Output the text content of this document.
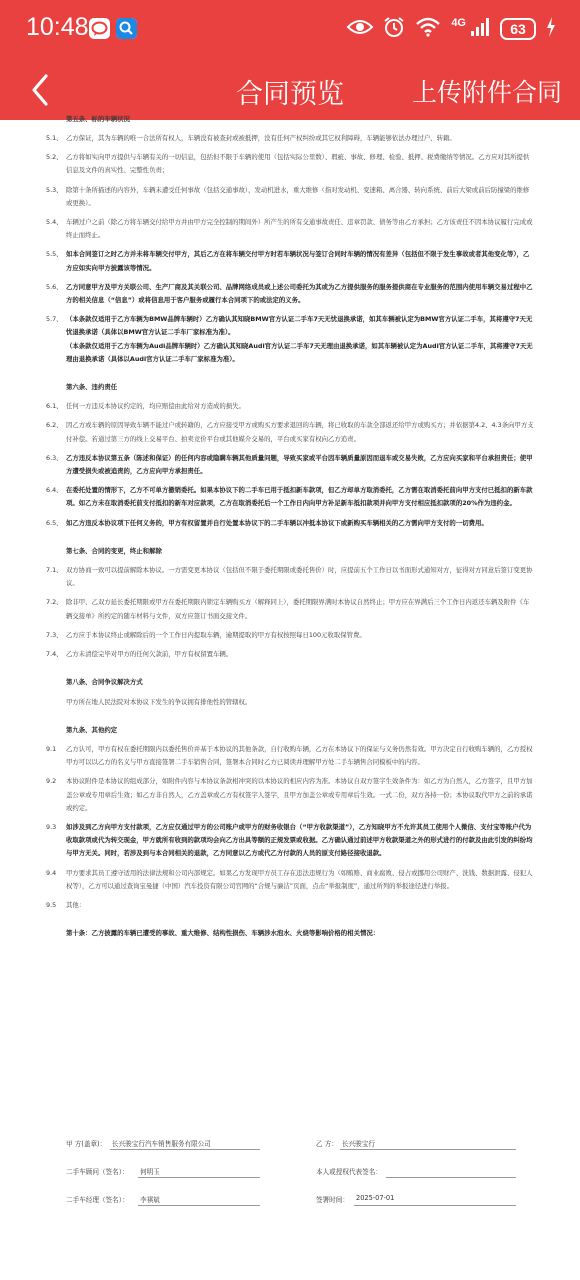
10:48	4G	63
合同预览	上传附件合同
第五条、标的车辆状况
5.1、 乙方保证，其为车辆的唯一合法所有权人，车辆没有被查封或被抵押，没有任何产权纠纷或其它权利障碍，车辆能够依法办理过户、转籍。
5.2、 乙方将如实向甲方提供与车辆有关的一切信息，包括但不限于车辆的使用（包括实际公里数）、瑕疵、事故、修理、检验、抵押、税费缴纳等情况。乙方应对其所提供信息及文件的真实性、完整性负责；
5.3、 除第十条所描述的内容外，车辆未遭受任何事故（包括交通事故），发动机进水，重大维修（指对发动机、变速箱、离合器、转向系统、前后大梁或前后防撞梁的维修或更换）。
5.4、 车辆过户之前（除乙方将车辆交付给甲方并由甲方完全控制的期间外）所产生的所有交通事故责任、违章罚款、债务等由乙方承担；乙方该责任不因本协议履行完成或终止而终止。
5.5、 如本合同签订之时乙方并未将车辆交付甲方，其后乙方在将车辆交付甲方时若车辆状况与签订合同时车辆的情况有差异（包括但不限于发生事故或者其他变化等），乙方应如实向甲方披露该等情况。
5.6、 乙方同意甲方及甲方关联公司、生产厂商及其关联公司、品牌网络成员或上述公司委托为其或为乙方提供服务的服务提供商在专业服务的范围内使用车辆交易过程中乙方的相关信息（“信息”）或将信息用于客户服务或履行本合同项下的或法定的义务。
5.7、 （本条款仅适用于乙方车辆为BMW品牌车辆时）乙方确认其知晓BMW官方认证二手车7天无忧退换承诺，如其车辆被认定为BMW官方认证二手车，其将遵守7天无忧退换承诺（具体以BMW官方认证二手车厂家标准为准）。
（本条款仅适用于乙方车辆为Audi品牌车辆时）乙方确认其知晓Audi官方认证二手车7天无理由退换承诺，如其车辆被认定为Audi官方认证二手车，其将遵守7天无理由退换承诺（具体以Audi官方认证二手车厂家标准为准）。
第六条、违约责任
6.1、 任何一方违反本协议约定的，均应赔偿由此给对方造成的损失。
6.2、 因乙方或车辆的原因导致车辆不能过户或转籍的，乙方应接受甲方或购买方要求退回的车辆，将已收取的车款全部返还给甲方或购买方；并依据第4.2、4.3条向甲方支付补偿。若通过第三方的线上交易平台、拍卖竞价平台或其他媒介交易的，平台或买家有权向乙方追责。
6.3、 乙方违反本协议第五条（陈述和保证）的任何内容或隐瞒车辆其他质量问题，导致买家或平台因车辆质量原因而退车或交易失败，乙方应向买家和平台承担责任；使甲方遭受损失或被追责的，乙方应向甲方承担责任。
6.4、 在委托处置的情形下，乙方不可单方撤销委托。如果本协议下的二手车已用于抵扣新车款项，但乙方却单方取消委托，乙方需在取消委托前向甲方支付已抵扣的新车款项。如乙方未在取消委托前支付抵扣的新车对应款项，乙方在取消委托后一个工作日内向甲方补足新车抵扣款项并向甲方支付相应抵扣款项的20%作为违约金。
6.5、 如乙方违反本协议项下任何义务的，甲方有权留置并自行处置本协议下的二手车辆以冲抵本协议下或新购买车辆相关的乙方需向甲方支付的一切费用。
第七条、合同的变更，终止和解除
7.1、 双方协商一致可以提前解除本协议。一方需变更本协议（包括但不限于委托期限或委托售价）时，应提前五个工作日以书面形式通知对方，征得对方同意后签订变更协议。
7.2、 除非甲、乙双方延长委托期限或甲方在委托期限内锁定车辆购买方（解释同上），委托期限界满时本协议自然终止；甲方应在界满后三个工作日内返还车辆及附件《车辆交接单》所约定的随车材料与文件，双方应签订书面交接文件。
7.3、 乙方应于本协议终止或解除后的一个工作日内提取车辆，逾期提取的甲方有权按照每日100元收取保管费。
7.4、 乙方未清偿完毕对甲方的任何欠款前，甲方有权留置车辆。
第八条、合同争议解决方式
甲方所在地人民法院对本协议下发生的争议拥有排他性的管辖权。
第九条、其他约定
9.1	乙方认可，甲方有权在委托期限内以委托售价并基于本协议的其他条款，自行收购车辆，乙方在本协议下的保证与义务仍然有效。甲方决定自行收购车辆的，乙方授权甲方可以以乙方的名义与甲方直接签署二手车销售合同，签署本合同时乙方已阅读并理解甲方处二手车辆售合同模板中的内容。
9.2	本协议附件是本协议的组成部分，如附件内容与本协议条款相冲突的以本协议的相应内容为准。本协议自双方签字生效条件为：如乙方为自然人，乙方签字，且甲方加盖公章或专用章后生效；如乙方非自然人，乙方盖章或乙方有权签字人签字，且甲方加盖公章或专用章后生效。一式二份，双方各持一份；本协议取代甲方之前的承诺或约定。
9.3	如涉及到乙方向甲方支付款项，乙方应仅通过甲方的公司账户或甲方的财务收银台（“甲方收款渠道”），乙方知晓甲方不允许其员工使用个人微信、支付宝等账户代为收取款项或代为转交现金，甲方就所有收到的款项均会向乙方出具等额的正规发票或收据。乙方确认通过前述甲方收款渠道之外的形式进行的付款及由此引发的纠纷均与甲方无关。同时，若涉及到与本合同相关的退款，乙方同意以乙方或代乙方付款的人员的原支付路径接收退款。
9.4	甲方要求其员工遵守适用的法律法规和公司内部规定。如果乙方发现甲方员工存在违法违规行为（如贿赂、商业腐败、侵占或挪用公司财产、洗钱、数据泄露、侵犯人权等），乙方可以通过查询宝曼捷（中国）汽车投资有限公司官网的“合规与廉洁”页面，点击“举报制度”，通过所列的举报途径进行举报。
9.5	其他：
第十条：乙方披露的车辆已遭受的事故、重大维修、结构性损伤、车辆涉水泡水、火烧等影响价格的相关情况：
甲 方(盖章)： 长兴骏宝行汽车销售服务有限公司	乙 方： 长兴骏宝行
二手车顾问（签名）： 何明玉	本人或授权代表签名：
二手车经理（签名）： 李祺斌	签署时间： 2025-07-01
